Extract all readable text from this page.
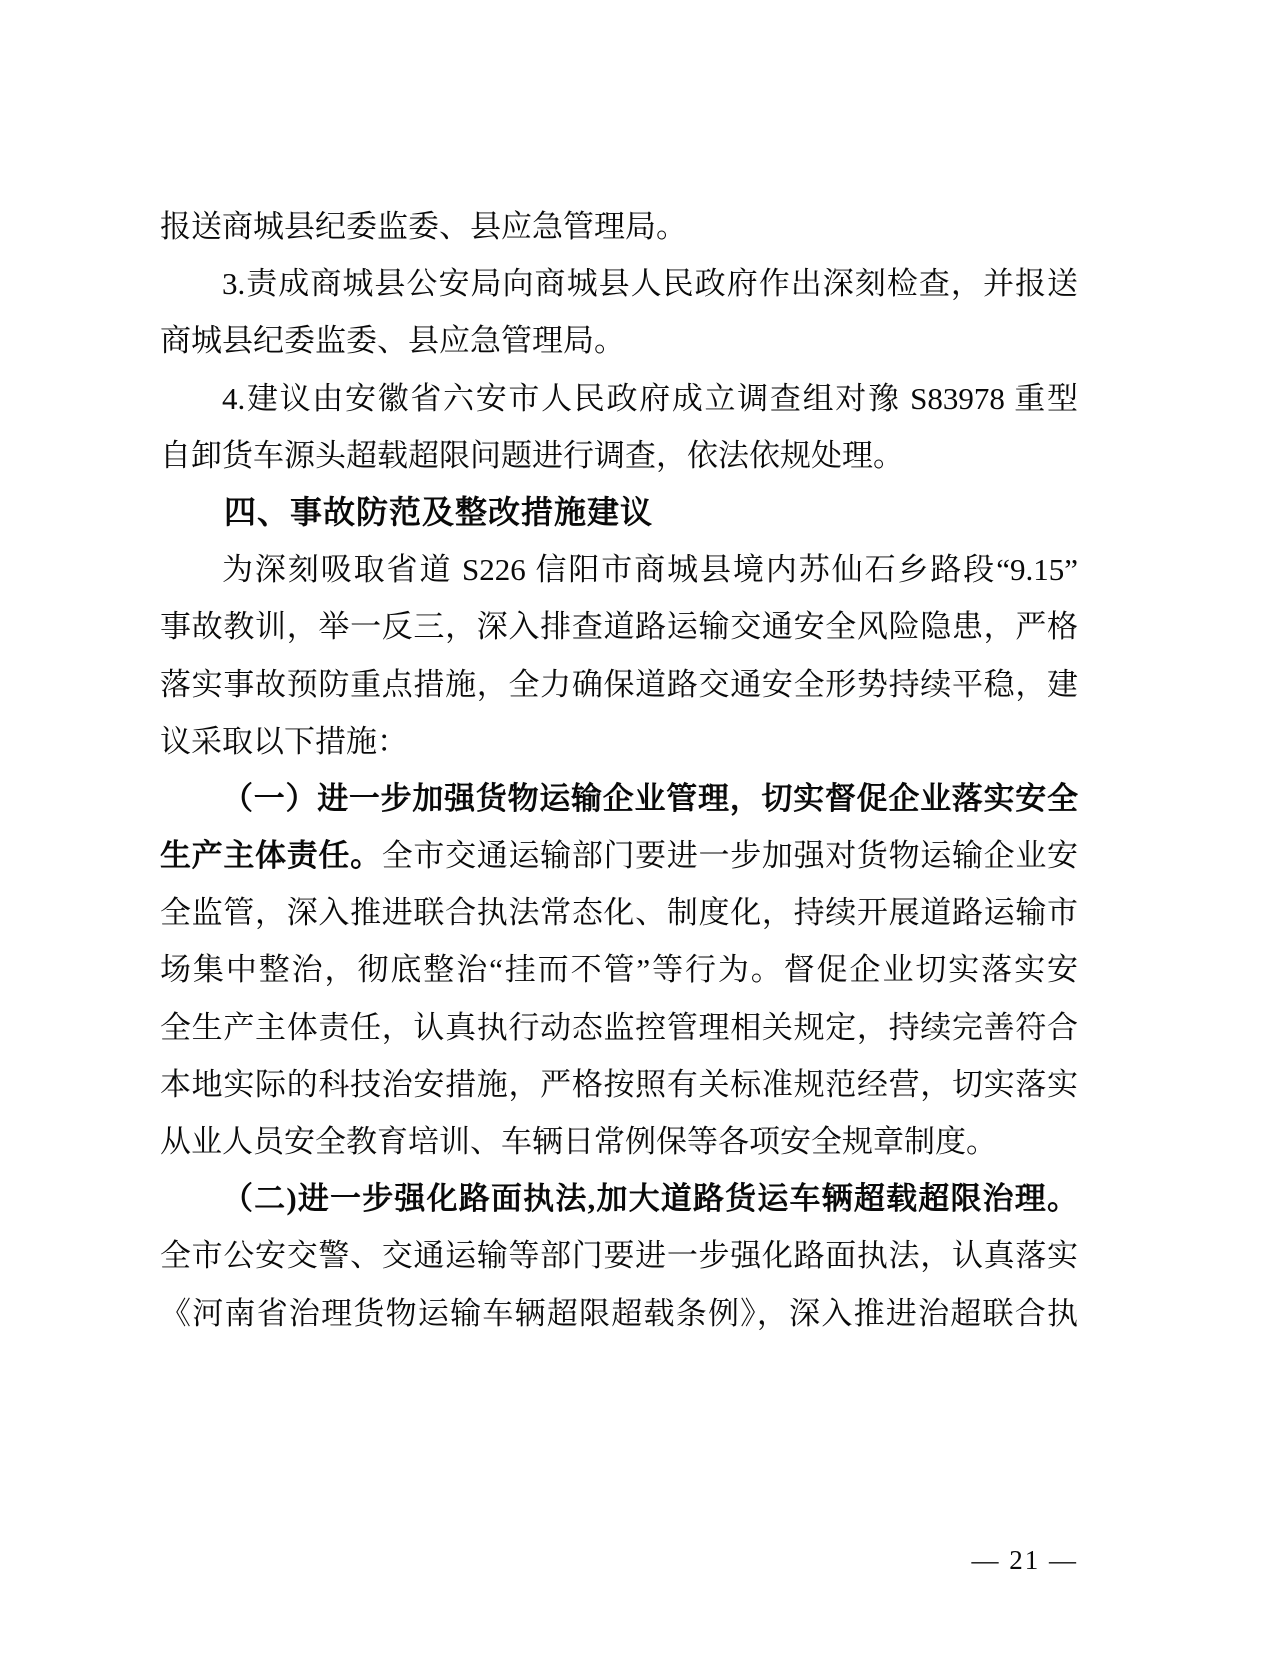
报送商城县纪委监委、县应急管理局。
3.责成商城县公安局向商城县人民政府作出深刻检查，并报送
商城县纪委监委、县应急管理局。
4.建议由安徽省六安市人民政府成立调查组对豫 S83978 重型
自卸货车源头超载超限问题进行调查，依法依规处理。
四、事故防范及整改措施建议
为深刻吸取省道 S226 信阳市商城县境内苏仙石乡路段“9.15”
事故教训，举一反三，深入排查道路运输交通安全风险隐患，严格
落实事故预防重点措施，全力确保道路交通安全形势持续平稳，建
议采取以下措施：
（一）进一步加强货物运输企业管理，切实督促企业落实安全
生产主体责任。全市交通运输部门要进一步加强对货物运输企业安
全监管，深入推进联合执法常态化、制度化，持续开展道路运输市
场集中整治，彻底整治“挂而不管”等行为。督促企业切实落实安
全生产主体责任，认真执行动态监控管理相关规定，持续完善符合
本地实际的科技治安措施，严格按照有关标准规范经营，切实落实
从业人员安全教育培训、车辆日常例保等各项安全规章制度。
（二)进一步强化路面执法,加大道路货运车辆超载超限治理。
全市公安交警、交通运输等部门要进一步强化路面执法，认真落实
《河南省治理货物运输车辆超限超载条例》，深入推进治超联合执
— 21 —
